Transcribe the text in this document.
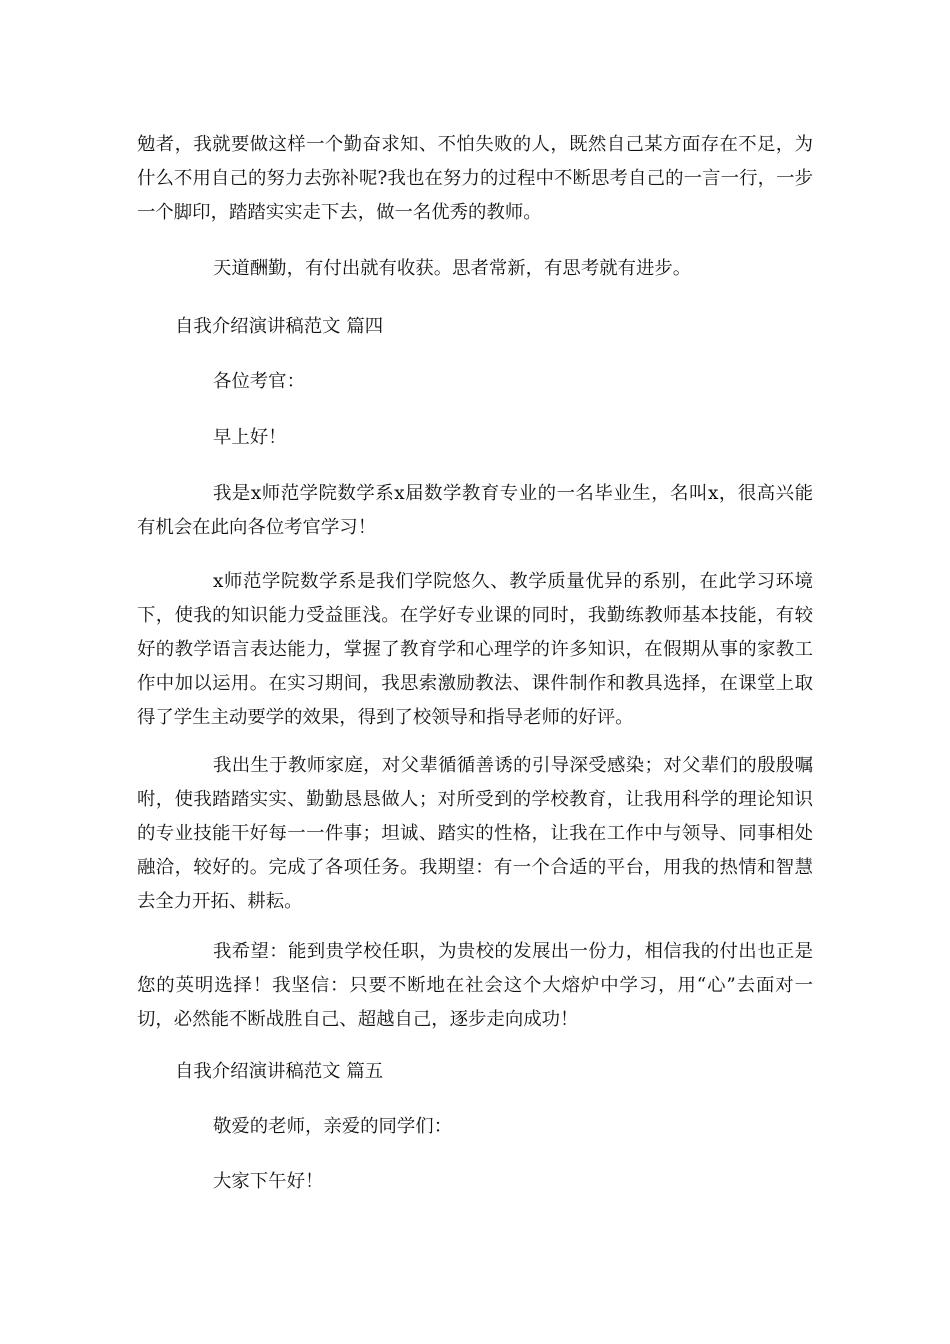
勉者，我就要做这样一个勤奋求知、不怕失败的人，既然自己某方面存在不足，为什么不用自己的努力去弥补呢?我也在努力的过程中不断思考自己的一言一行，一步一个脚印，踏踏实实走下去，做一名优秀的教师。

天道酬勤，有付出就有收获。思者常新，有思考就有进步。

自我介绍演讲稿范文 篇四

各位考官：

早上好！

我是x师范学院数学系x届数学教育专业的一名毕业生，名叫x，很高兴能有机会在此向各位考官学习！

x师范学院数学系是我们学院悠久、教学质量优异的系别，在此学习环境下，使我的知识能力受益匪浅。在学好专业课的同时，我勤练教师基本技能，有较好的教学语言表达能力，掌握了教育学和心理学的许多知识，在假期从事的家教工作中加以运用。在实习期间，我思索激励教法、课件制作和教具选择，在课堂上取得了学生主动要学的效果，得到了校领导和指导老师的好评。

我出生于教师家庭，对父辈循循善诱的引导深受感染；对父辈们的殷殷嘱咐，使我踏踏实实、勤勤恳恳做人；对所受到的学校教育，让我用科学的理论知识的专业技能干好每一一件事；坦诚、踏实的性格，让我在工作中与领导、同事相处融洽，较好的。完成了各项任务。我期望：有一个合适的平台，用我的热情和智慧去全力开拓、耕耘。

我希望：能到贵学校任职，为贵校的发展出一份力，相信我的付出也正是您的英明选择！我坚信：只要不断地在社会这个大熔炉中学习，用“心”去面对一切，必然能不断战胜自己、超越自己，逐步走向成功！

自我介绍演讲稿范文 篇五

敬爱的老师，亲爱的同学们：

大家下午好！
